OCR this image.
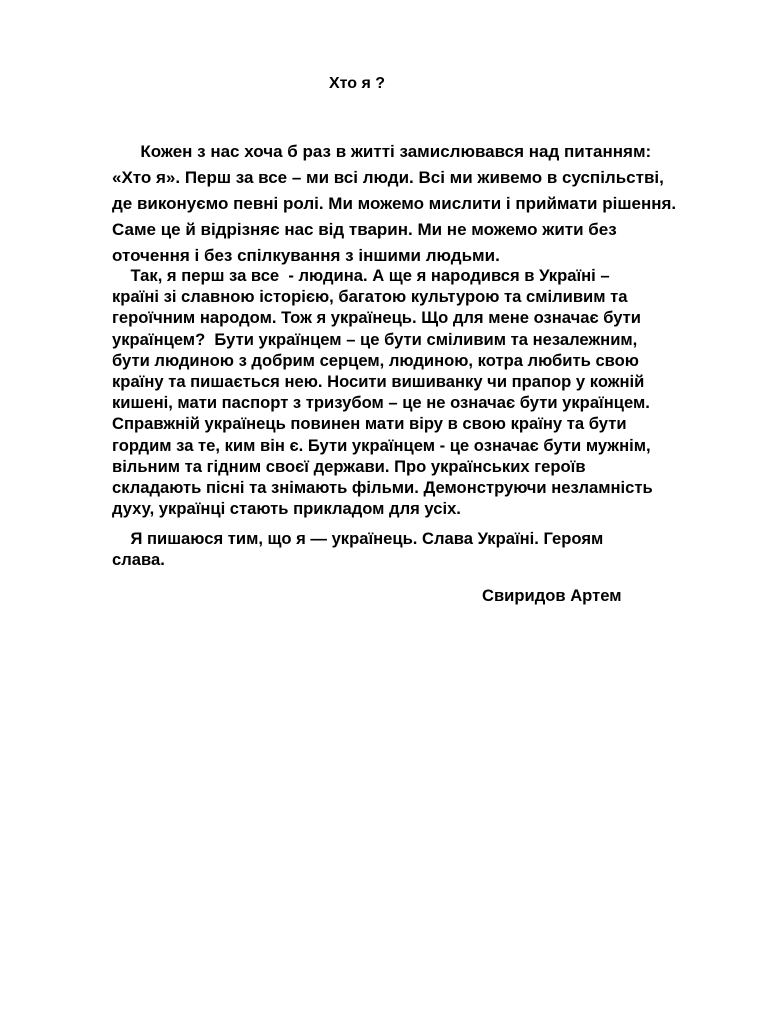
Хто я ?

Кожен з нас хоча б раз в житті замислювався над питанням:
«Хто я». Перш за все – ми всі люди. Всі ми живемо в суспільстві,
де виконуємо певні ролі. Ми можемо мислити і приймати рішення.
Саме це й відрізняє нас від тварин. Ми не можемо жити без
оточення і без спілкування з іншими людьми.

Так, я перш за все  - людина. А ще я народився в Україні –
країні зі славною історією, багатою культурою та сміливим та
героїчним народом. Тож я українець. Що для мене означає бути
українцем?  Бути українцем – це бути сміливим та незалежним,
бути людиною з добрим серцем, людиною, котра любить свою
країну та пишається нею. Носити вишиванку чи прапор у кожній
кишені, мати паспорт з тризубом – це не означає бути українцем.
Справжній українець повинен мати віру в свою країну та бути
гордим за те, ким він є. Бути українцем - це означає бути мужнім,
вільним та гідним своєї держави. Про українських героїв
складають пісні та знімають фільми. Демонструючи незламність
духу, українці стають прикладом для усіх.

Я пишаюся тим, що я — українець. Слава Україні. Героям
слава.

Свиридов Артем
